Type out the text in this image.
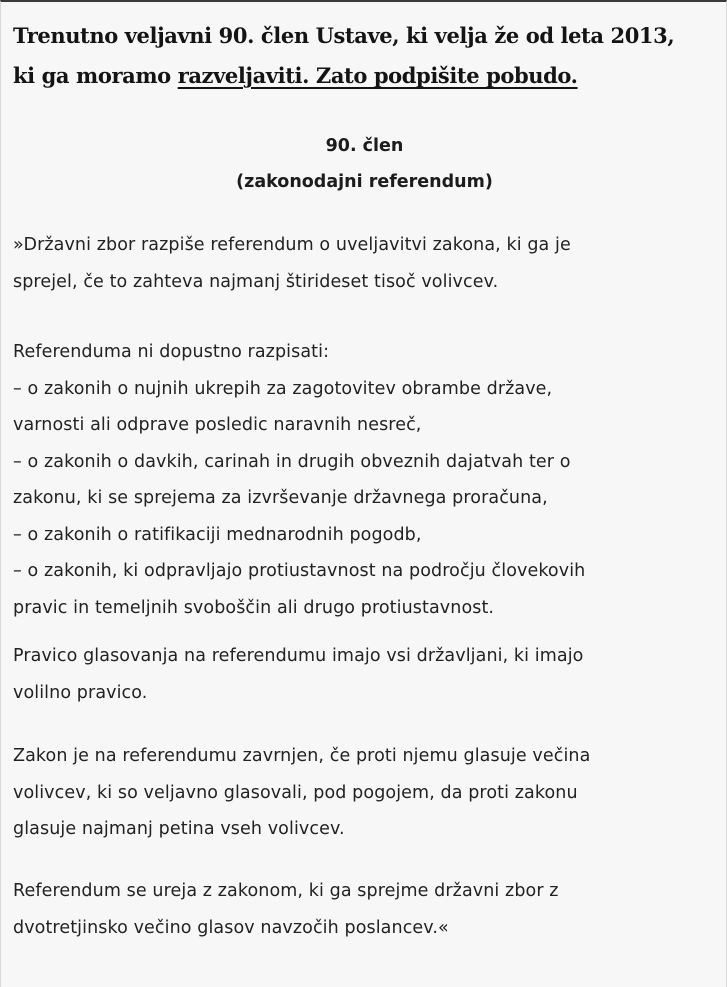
Trenutno veljavni 90. člen Ustave, ki velja že od leta 2013,
ki ga moramo razveljaviti. Zato podpišite pobudo.
90. člen
(zakonodajni referendum)

»Državni zbor razpiše referendum o uveljavitvi zakona, ki ga je
sprejel, če to zahteva najmanj štirideset tisoč volivcev.

Referenduma ni dopustno razpisati:
– o zakonih o nujnih ukrepih za zagotovitev obrambe države,
varnosti ali odprave posledic naravnih nesreč,
– o zakonih o davkih, carinah in drugih obveznih dajatvah ter o
zakonu, ki se sprejema za izvrševanje državnega proračuna,
– o zakonih o ratifikaciji mednarodnih pogodb,
– o zakonih, ki odpravljajo protiustavnost na področju človekovih
pravic in temeljnih svoboščin ali drugo protiustavnost.

Pravico glasovanja na referendumu imajo vsi državljani, ki imajo
volilno pravico.

Zakon je na referendumu zavrnjen, če proti njemu glasuje večina
volivcev, ki so veljavno glasovali, pod pogojem, da proti zakonu
glasuje najmanj petina vseh volivcev.

Referendum se ureja z zakonom, ki ga sprejme državni zbor z
dvotretjinsko večino glasov navzočih poslancev.«
